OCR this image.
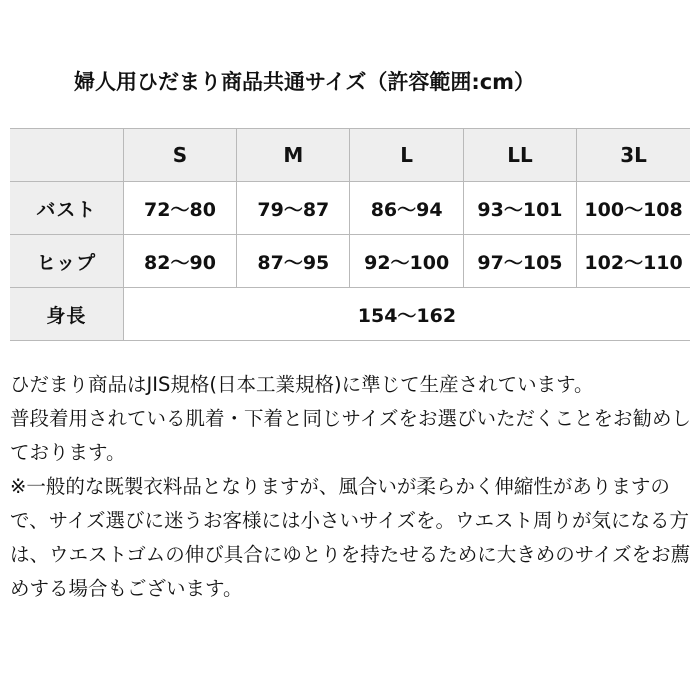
婦人用ひだまり商品共通サイズ（許容範囲:cm）
	S	M	L	LL	3L
バスト	72〜80	79〜87	86〜94	93〜101	100〜108
ヒップ	82〜90	87〜95	92〜100	97〜105	102〜110
身長	154〜162				

ひだまり商品はJIS規格(日本工業規格)に準じて生産されています。

普段着用されている肌着・下着と同じサイズをお選びいただくことをお勧めしております。

※一般的な既製衣料品となりますが、風合いが柔らかく伸縮性がありますので、サイズ選びに迷うお客様には小さいサイズを。ウエスト周りが気になる方は、ウエストゴムの伸び具合にゆとりを持たせるために大きめのサイズをお薦めする場合もございます。
